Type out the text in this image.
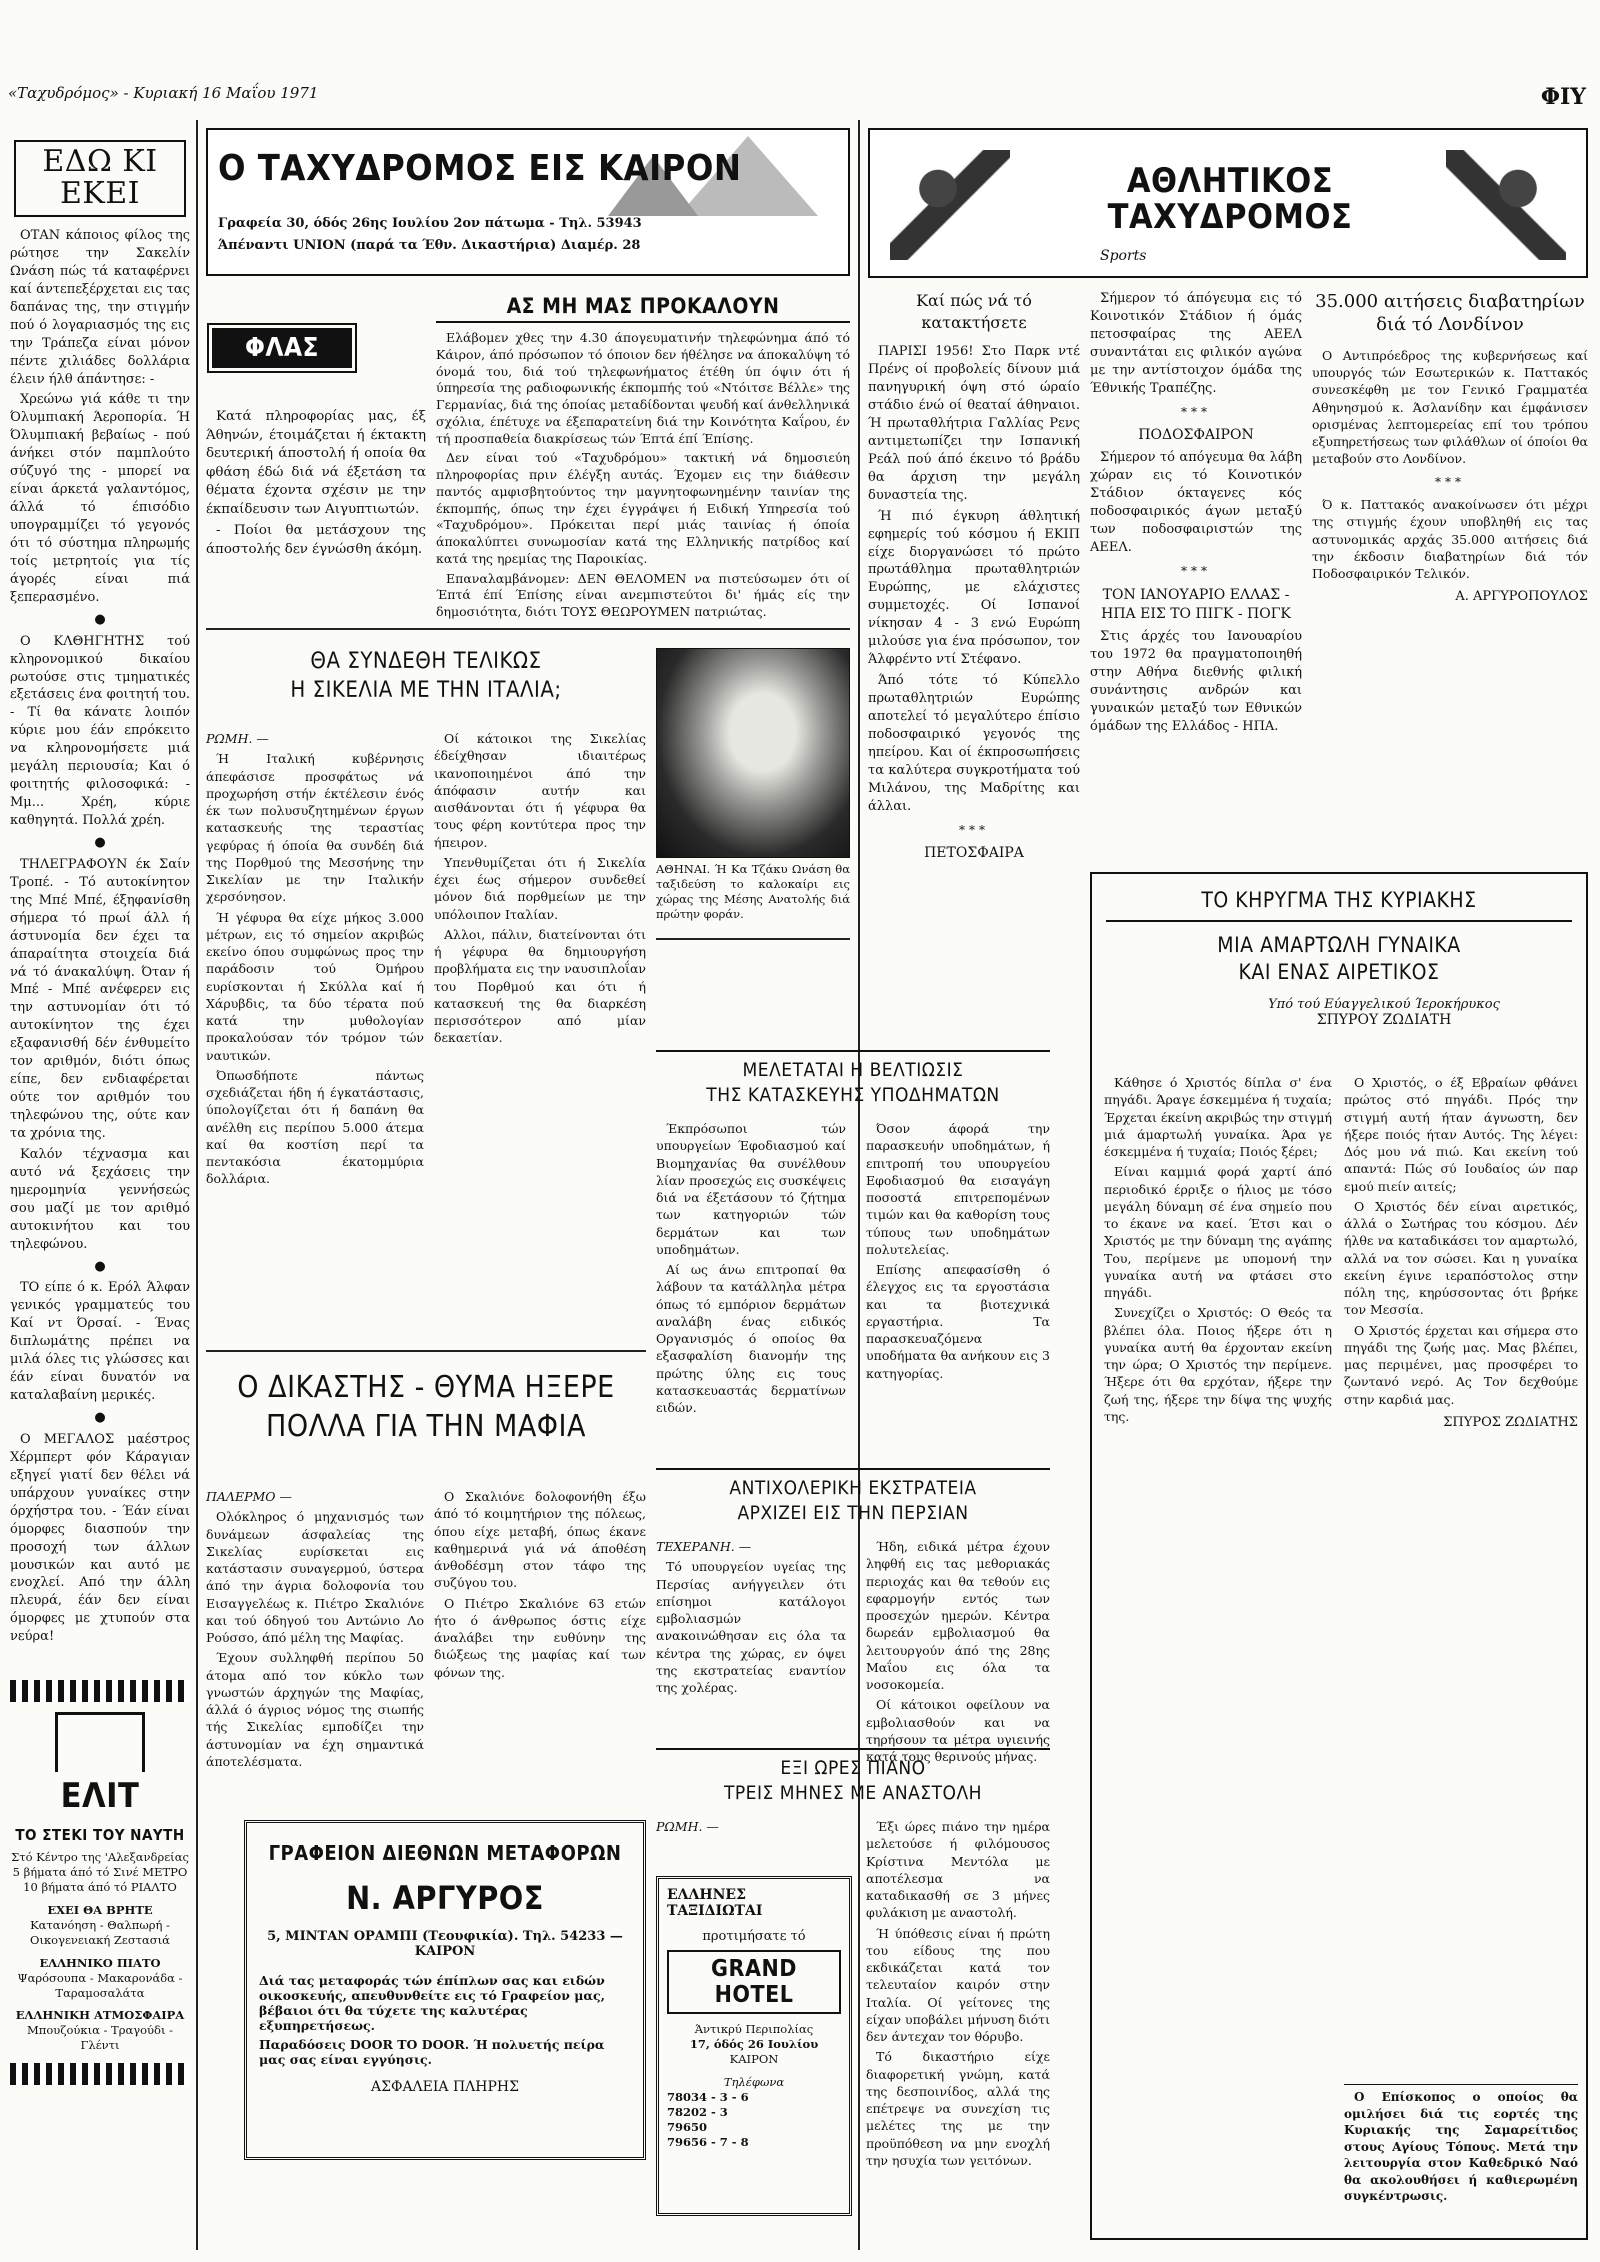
«Ταχυδρόμος» - Κυριακή 16 Μαΐου 1971	ΦΙΥ
ΕΔΩ ΚΙ ΕΚΕΙ

ΟΤΑΝ κάποιος φίλος της ρώτησε την Σακελίν Ωνάση πώς τά καταφέρνει καί άντεπεξέρχεται εις τας δαπάνας της, την στιγμήν πού ό λογαριασμός της εις την Τράπεζα είναι μόνον πέντε χιλιάδες δολλάρια έλειν ήλθ άπάντησε: -

Χρεώνω γιά κάθε τι την Όλυμπιακή Άεροπορία. Ή Όλυμπιακή βεβαίως - πού άνήκει στόν παμπλούτο σύζυγό της - μπορεί να είναι άρκετά γαλαντόμος, άλλά τό έπισόδιο υπογραμμίζει τό γεγονός ότι τό σύστημα πληρωμής τοίς μετρητοίς για τίς άγορές είναι πιά ξεπερασμένο.

●

Ο ΚΛΘΗΓΗΤΗΣ τού κληρονομικού δικαίου ρωτούσε στις τμηματικές εξετάσεις ένα φοιτητή του. - Τί θα κάνατε λοιπόν κύριε μου έάν επρόκειτο να κληρονομήσετε μιά μεγάλη περιουσία; Και ό φοιτητής φιλοσοφικά: - Μμ... Χρέη, κύριε καθηγητά. Πολλά χρέη.

●

ΤΗΛΕΓΡΑΦΟΥΝ έκ Σαίν Τροπέ. - Τό αυτοκίνητον της Μπέ Μπέ, έξηφανίσθη σήμερα τό πρωί άλλ ή άστυνομία δεν έχει τα άπαραίτητα στοιχεία διά νά τό άνακαλύψη. Όταν ή Μπέ - Μπέ ανέφερεν εις την αστυνομίαν ότι τό αυτοκίνητον της έχει εξαφανισθή δέν ένθυμείτο τον αριθμόν, διότι όπως είπε, δεν ενδιαφέρεται ούτε τον αριθμόν του τηλεφώνου της, ούτε καν τα χρόνια της.

Καλόν τέχνασμα και αυτό νά ξεχάσεις την ημερομηνία γεννήσεώς σου μαζί με τον αριθμό αυτοκινήτου και του τηλεφώνου.

●

ΤΟ είπε ό κ. Ερόλ Άλφαν γενικός γραμματεύς του Καί ντ Όρσαί. - Ένας διπλωμάτης πρέπει να μιλά όλες τις γλώσσες και έάν είναι δυνατόν να καταλαβαίνη μερικές.

●

Ο ΜΕΓΑΛΟΣ μαέστρος Χέρμπερτ φόν Κάραγιαν εξηγεί γιατί δεν θέλει νά υπάρχουν γυναίκες στην όρχήστρα του. - Έάν είναι όμορφες διασπούν την προσοχή των άλλων μουσικών και αυτό με ενοχλεί. Από την άλλη πλευρά, έάν δεν είναι όμορφες με χτυπούν στα νεύρα!

ΕΛΙΤ
ΤΟ ΣΤΕΚΙ ΤΟΥ ΝΑΥΤΗ
Στό Κέντρο της 'Αλεξανδρείας
5 βήματα άπό τό Σινέ ΜΕΤΡΟ
10 βήματα άπό τό ΡΙΑΛΤΟ
ΕΧΕΙ ΘΑ ΒΡΗΤΕ
Κατανόηση - Θαλπωρή - Οικογενειακή Ζεστασιά
ΕΛΛΗΝΙΚΟ ΠΙΑΤΟ
Ψαρόσουπα - Μακαρονάδα - Ταραμοσαλάτα
ΕΛΛΗΝΙΚΗ ΑΤΜΟΣΦΑΙΡΑ
Μπουζούκια - Τραγούδι - Γλέντι
Ο ΤΑΧΥΔΡΟΜΟΣ ΕΙΣ ΚΑΙΡΟΝ
Γραφεία 30, όδός 26ης Ιουλίου 2ον πάτωμα - Τηλ. 53943
Άπέναντι UNION (παρά τα Έθν. Δικαστήρια) Διαμέρ. 28
ΦΛΑΣ

Κατά πληροφορίας μας, έξ Άθηνών, έτοιμάζεται ή έκτακτη δευτερική άποστολή ή οποία θα φθάση έδώ διά νά έξετάση τα θέματα έχοντα σχέσιν με την έκπαίδευσιν των Αιγυπτιωτών.

- Ποίοι θα μετάσχουν της άποστολής δεν έγνώσθη άκόμη.

ΑΣ ΜΗ ΜΑΣ ΠΡΟΚΑΛΟΥΝ

Ελάβομεν χθες την 4.30 άπογευματινήν τηλεφώνημα άπό τό Κάιρον, άπό πρόσωπον τό όποιον δεν ήθέλησε να άποκαλύψη τό όνομά του, διά τού τηλεφωνήματος έτέθη ύπ όψιν ότι ή ύπηρεσία της ραδιοφωνικής έκπομπής τού «Ντόιτσε Βέλλε» της Γερμανίας, διά της όποίας μεταδίδονται ψευδή καί άνθελληνικά σχόλια, έπέτυχε να έξεπαρατείνη διά την Κοινότητα Καΐρου, έν τή προσπαθεία διακρίσεως τών Έπτά έπί Έπίσης.

Δεν είναι τού «Ταχυδρόμου» τακτική νά δημοσιεύη πληροφορίας πριν έλέγξη αυτάς. Έχομεν εις την διάθεσιν παντός αμφισβητούντος την μαγνητοφωνημένην ταινίαν της έκπομπής, όπως την έχει έγγράψει ή Ειδική Υπηρεσία τού «Ταχυδρόμου». Πρόκειται περί μιάς ταινίας ή όποία άποκαλύπτει συνωμοσίαν κατά της Ελληνικής πατρίδος καί κατά της ηρεμίας της Παροικίας.

Επαναλαμβάνομεν: ΔΕΝ ΘΕΛΟΜΕΝ να πιστεύσωμεν ότι οί Έπτά έπί Έπίσης είναι ανεμπιστεύτοι δι' ήμάς είς την δημοσιότητα, διότι ΤΟΥΣ ΘΕΩΡΟΥΜΕΝ πατριώτας.

ΘΑ ΣΥΝΔΕΘΗ ΤΕΛΙΚΩΣ
Η ΣΙΚΕΛΙΑ ΜΕ ΤΗΝ ΙΤΑΛΙΑ;

ΡΩΜΗ. —

Ή Ιταλική κυβέρνησις άπεφάσισε προσφάτως νά προχωρήση στήν έκτέλεσιν ένός έκ των πολυσυζητημένων έργων κατασκευής της τεραστίας γεφύρας ή όποία θα συνδέη διά της Πορθμού της Μεσσήνης την Σικελίαν με την Ιταλικήν χερσόνησον.

Ή γέφυρα θα είχε μήκος 3.000 μέτρων, εις τό σημείον ακριβώς εκείνο όπου συμφώνως προς την παράδοσιν τού Όμήρου ευρίσκονται ή Σκύλλα καί ή Χάρυβδις, τα δύο τέρατα πού κατά την μυθολογίαν προκαλούσαν τόν τρόμον τών ναυτικών.

Όπωσδήποτε πάντως σχεδιάζεται ήδη ή έγκατάστασις, ύπολογίζεται ότι ή δαπάνη θα ανέλθη εις περίπου 5.000 άτεμα καί θα κοστίση περί τα πεντακόσια έκατομμύρια δολλάρια.

Οί κάτοικοι της Σικελίας έδείχθησαν ιδιαιτέρως ικανοποιημένοι άπό την άπόφασιν αυτήν και αισθάνονται ότι ή γέφυρα θα τους φέρη κοντύτερα προς την ήπειρον.

Υπενθυμίζεται ότι ή Σικελία έχει έως σήμερον συνδεθεί μόνον διά πορθμείων με την υπόλοιπον Ιταλίαν.

Αλλοι, πάλιν, διατείνονται ότι ή γέφυρα θα δημιουργήση προβλήματα εις την ναυσιπλοΐαν του Πορθμού και ότι ή κατασκευή της θα διαρκέση περισσότερον από μίαν δεκαετίαν.

ΑΘΗΝΑΙ. Ή Κα Τζάκυ Ωνάση θα ταξιδεύση το καλοκαίρι εις χώρας της Μέσης Ανατολής διά πρώτην φοράν.

Ο ΔΙΚΑΣΤΗΣ - ΘΥΜΑ ΗΞΕΡΕ
ΠΟΛΛΑ ΓΙΑ ΤΗΝ ΜΑΦΙΑ

ΠΑΛΕΡΜΟ —

Ολόκληρος ό μηχανισμός των δυνάμεων άσφαλείας της Σικελίας ευρίσκεται εις κατάστασιν συναγερμού, ύστερα άπό την άγρια δολοφονία του Εισαγγελέως κ. Πιέτρο Σκαλιόνε και τού όδηγού του Αντώνιο Λο Ρούσσο, άπό μέλη της Μαφίας.

Έχουν συλληφθή περίπου 50 άτομα από τον κύκλο των γνωστών άρχηγών της Μαφίας, άλλά ό άγριος νόμος της σιωπής τής Σικελίας εμποδίζει την άστυνομίαν να έχη σημαντικά άποτελέσματα.

Ο Σκαλιόνε δολοφονήθη έξω άπό τό κοιμητήριον της πόλεως, όπου είχε μεταβή, όπως έκανε καθημερινά γιά νά άποθέση άνθοδέσμη στον τάφο της συζύγου του.

Ο Πιέτρο Σκαλιόνε 63 ετών ήτο ό άνθρωπος όστις είχε άναλάβει την ευθύνην της διώξεως της μαφίας καί των φόνων της.

ΓΡΑΦΕΙΟΝ ΔΙΕΘΝΩΝ ΜΕΤΑΦΟΡΩΝ
Ν. ΑΡΓΥΡΟΣ
5, ΜΙΝΤΑΝ ΟΡΑΜΠΙ (Τεουφικία). Τηλ. 54233 — ΚΑΙΡΟΝ
Διά τας μεταφοράς τών έπίπλων σας και ειδών οικοσκευής, απευθυνθείτε εις τό Γραφείον μας, βέβαιοι ότι θα τύχετε της καλυτέρας εξυπηρετήσεως.
Παραδόσεις DOOR TO DOOR. Ή πολυετής πείρα μας σας είναι εγγύησις.
ΑΣΦΑΛΕΙΑ ΠΛΗΡΗΣ
ΜΕΛΕΤΑΤΑΙ Η ΒΕΛΤΙΩΣΙΣ
ΤΗΣ ΚΑΤΑΣΚΕΥΗΣ ΥΠΟΔΗΜΑΤΩΝ

Έκπρόσωποι τών υπουργείων Έφοδιασμού καί Βιομηχανίας θα συνέλθουν λίαν προσεχώς εις συσκέψεις διά να έξετάσουν τό ζήτημα των κατηγοριών τών δερμάτων και των υποδημάτων.

Αί ως άνω επιτροπαί θα λάβουν τα κατάλληλα μέτρα όπως τό εμπόριον δερμάτων αναλάβη ένας ειδικός Οργανισμός ό οποίος θα εξασφαλίση διανομήν της πρώτης ύλης εις τους κατασκευαστάς δερματίνων ειδών.

Όσον άφορά την παρασκευήν υποδημάτων, ή επιτροπή του υπουργείου Εφοδιασμού θα εισαγάγη ποσοστά επιτρεπομένων τιμών και θα καθορίση τους τύπους των υποδημάτων πολυτελείας.

Επίσης απεφασίσθη ό έλεγχος εις τα εργοστάσια και τα βιοτεχνικά εργαστήρια. Τα παρασκευαζόμενα υποδήματα θα ανήκουν εις 3 κατηγορίας.

ΑΝΤΙΧΟΛΕΡΙΚΗ ΕΚΣΤΡΑΤΕΙΑ
ΑΡΧΙΖΕΙ ΕΙΣ ΤΗΝ ΠΕΡΣΙΑΝ

ΤΕΧΕΡΑΝΗ. —

Τό υπουργείον υγείας της Περσίας ανήγγειλεν ότι επίσημοι κατάλογοι εμβολιασμών ανακοινώθησαν εις όλα τα κέντρα της χώρας, εν όψει της εκστρατείας εναντίον της χολέρας.

Ήδη, ειδικά μέτρα έχουν ληφθή εις τας μεθοριακάς περιοχάς και θα τεθούν εις εφαρμογήν εντός των προσεχών ημερών. Κέντρα δωρεάν εμβολιασμού θα λειτουργούν άπό της 28ης Μαΐου εις όλα τα νοσοκομεία.

Οί κάτοικοι οφείλουν να εμβολιασθούν και να τηρήσουν τα μέτρα υγιεινής κατά τους θερινούς μήνας.

ΕΞΙ ΩΡΕΣ ΠΙΑΝΟ
ΤΡΕΙΣ ΜΗΝΕΣ ΜΕ ΑΝΑΣΤΟΛΗ

ΡΩΜΗ. —	Έξι ώρες πιάνο την ημέρα μελετούσε ή φιλόμουσος Κρίστινα Μεντόλα με αποτέλεσμα να καταδικασθή σε 3 μήνες φυλάκιση με αναστολή.

Ή ύπόθεσις είναι ή πρώτη του είδους της που εκδικάζεται κατά τον τελευταίον καιρόν στην Ιταλία. Οί γείτονες της είχαν υποβάλει μήνυση διότι δεν άντεχαν τον θόρυβο.

Τό δικαστήριο είχε διαφορετική γνώμη, κατά της δεσποινίδος, αλλά της επέτρεψε να συνεχίση τις μελέτες της με την προϋπόθεση να μην ενοχλή την ησυχία των γειτόνων.

ΕΛΛΗΝΕΣ
ΤΑΞΙΔΙΩΤΑΙ
προτιμήσατε τό
GRAND HOTEL
Άντικρύ Περιπολίας
17, όδός 26 Ιουλίου
ΚΑΙΡΟΝ
Τηλέφωνα
78034 - 3 - 6
78202 - 3
79650
79656 - 7 - 8
ΑΘΛΗΤΙΚΟΣ ΤΑΧΥΔΡΟΜΟΣ
Sports
Καί πώς νά τό κατακτήσετε

ΠΑΡΙΣΙ 1956! Στο Παρκ ντέ Πρένς οί προβολείς δίνουν μιά πανηγυρική όψη στό ώραίο στάδιο ένώ οί θεαταί άθηναιοι. Ή πρωταθλήτρια Γαλλίας Ρενς αντιμετωπίζει την Ισπανική Ρεάλ πού άπό έκεινο τό βράδυ θα άρχιση την μεγάλη δυναστεία της.

Ή πιό έγκυρη άθλητική εφημερίς τού κόσμου ή ΕΚΙΠ είχε διοργανώσει τό πρώτο πρωτάθλημα πρωταθλητριών Ευρώπης, με ελάχιστες συμμετοχές. Οί Ισπανοί νίκησαν 4 - 3 ενώ Ευρώπη μιλούσε για ένα πρόσωπον, τον Άλφρέντο ντί Στέφανο.

Άπό τότε τό Κύπελλο πρωταθλητριών Ευρώπης αποτελεί τό μεγαλύτερο έπίσιο ποδοσφαιρικό γεγονός της ηπείρου. Και οί έκπροσωπήσεις τα καλύτερα συγκροτήματα τού Μιλάνου, της Μαδρίτης και άλλαι.

***
ΠΕΤΟΣΦΑΙΡΑ

Σήμερον τό άπόγευμα εις τό Κοινοτικόν Στάδιον ή όμάς πετοσφαίρας της ΑΕΕΛ συναντάται εις φιλικόν αγώνα με την αντίστοιχον όμάδα της Έθνικής Τραπέζης.

***
ΠΟΔΟΣΦΑΙΡΟΝ

Σήμερον τό απόγευμα θα λάβη χώραν εις τό Κοινοτικόν Στάδιον όκταγενες κός ποδοσφαιρικός άγων μεταξύ των ποδοσφαιριστών της ΑΕΕΛ.

***
ΤΟΝ ΙΑΝΟΥΑΡΙΟ ΕΛΛΑΣ - ΗΠΑ ΕΙΣ ΤΟ ΠΙΓΚ - ΠΟΓΚ

Στις άρχές του Ιανουαρίου του 1972 θα πραγματοποιηθή στην Αθήνα διεθνής φιλική συνάντησις ανδρών και γυναικών μεταξύ των Εθνικών όμάδων της Ελλάδος - ΗΠΑ.

35.000 αιτήσεις διαβατηρίων διά τό Λονδίνον

Ο Αντιπρόεδρος της κυβερνήσεως καί υπουργός τών Εσωτερικών κ. Παττακός συνεσκέφθη με τον Γενικό Γραμματέα Αθηνησμού κ. Άσλανίδην και έμφάνισεν ορισμένας λεπτομερείας επί του τρόπου εξυπηρετήσεως των φιλάθλων οί όποίοι θα μεταβούν στο Λονδίνον.

***

Ό κ. Παττακός ανακοίνωσεν ότι μέχρι της στιγμής έχουν υποβληθή εις τας αστυνομικάς αρχάς 35.000 αιτήσεις διά την έκδοσιν διαβατηρίων διά τόν Ποδοσφαιρικόν Τελικόν.

Α. ΑΡΓΥΡΟΠΟΥΛΟΣ
ΤΟ ΚΗΡΥΓΜΑ ΤΗΣ ΚΥΡΙΑΚΗΣ
ΜΙΑ ΑΜΑΡΤΩΛΗ ΓΥΝΑΙΚΑ
ΚΑΙ ΕΝΑΣ ΑΙΡΕΤΙΚΟΣ
Υπό τού Εύαγγελικού Ίεροκήρυκος
ΣΠΥΡΟΥ ΖΩΔΙΑΤΗ

Κάθησε ό Χριστός δίπλα σ' ένα πηγάδι. Άραγε έσκεμμένα ή τυχαία; Έρχεται έκείνη ακριβώς την στιγμή μιά άμαρτωλή γυναίκα. Άρα γε έσκεμμένα ή τυχαία; Ποιός ξέρει;

Είναι καμμιά φορά χαρτί άπό περιοδικό έρριξε ο ήλιος με τόσο μεγάλη δύναμη σέ ένα σημείο που το έκανε να καεί. Έτσι και ο Χριστός με την δύναμη της αγάπης Του, περίμενε με υπομονή την γυναίκα αυτή να φτάσει στο πηγάδι.

Συνεχίζει ο Χριστός: Ο Θεός τα βλέπει όλα. Ποιος ήξερε ότι η γυναίκα αυτή θα έρχονταν εκείνη την ώρα; Ο Χριστός την περίμενε. Ήξερε ότι θα ερχόταν, ήξερε την ζωή της, ήξερε την δίψα της ψυχής της.

Ο Χριστός, ο έξ Εβραίων φθάνει πρώτος στό πηγάδι. Πρός την στιγμή αυτή ήταν άγνωστη, δεν ήξερε ποιός ήταν Αυτός. Της λέγει: Δός μου νά πιώ. Και εκείνη τού απαντά: Πώς σύ Ιουδαίος ών παρ εμού πιείν αιτείς;

Ο Χριστός δέν είναι αιρετικός, άλλά ο Σωτήρας του κόσμου. Δέν ήλθε να καταδικάσει τον αμαρτωλό, αλλά να τον σώσει. Και η γυναίκα εκείνη έγινε ιεραπόστολος στην πόλη της, κηρύσσοντας ότι βρήκε τον Μεσσία.

Ο Χριστός έρχεται και σήμερα στο πηγάδι της ζωής μας. Μας βλέπει, μας περιμένει, μας προσφέρει το ζωντανό νερό. Ας Τον δεχθούμε στην καρδιά μας.

ΣΠΥΡΟΣ ΖΩΔΙΑΤΗΣ

Ο Επίσκοπος ο οποίος θα ομιλήσει διά τις εορτές της Κυριακής της Σαμαρείτιδος στους Αγίους Τόπους. Μετά την λειτουργία στον Καθεδρικό Ναό θα ακολουθήσει ή καθιερωμένη συγκέντρωσις.
